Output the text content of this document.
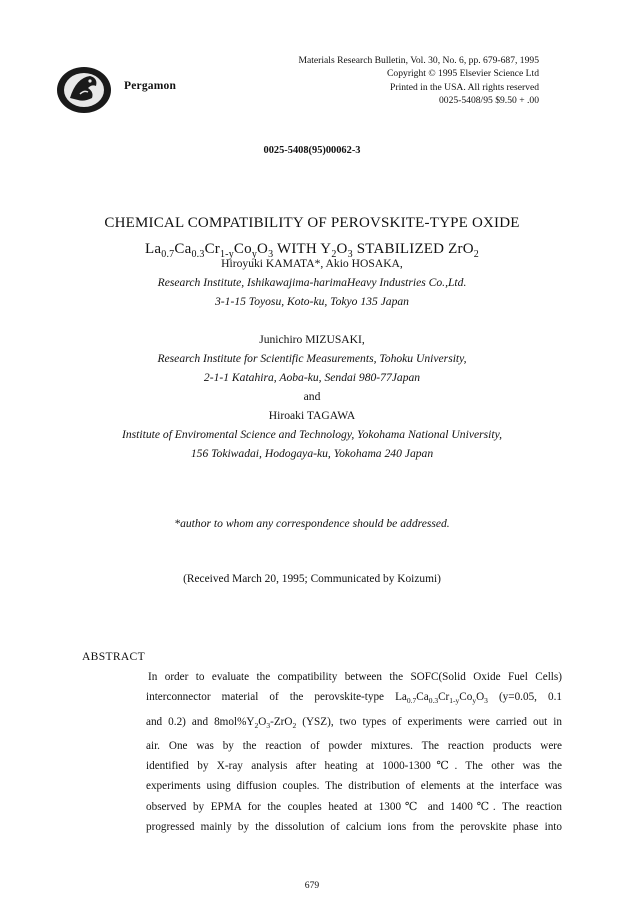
Pergamon
Materials Research Bulletin, Vol. 30, No. 6, pp. 679-687, 1995
Copyright © 1995 Elsevier Science Ltd
Printed in the USA. All rights reserved
0025-5408/95 $9.50 + .00
0025-5408(95)00062-3
CHEMICAL COMPATIBILITY OF PEROVSKITE-TYPE OXIDE
$La_{0.7}Ca_{0.3}Cr_{1-y}Co_yO_3$ WITH $Y_2O_3$ STABILIZED ZrO$_2$
Hiroyuki KAMATA*, Akio HOSAKA,
Research Institute, Ishikawajima-harimaHeavy Industries Co.,Ltd.
3-1-15 Toyosu, Koto-ku, Tokyo 135 Japan
Junichiro MIZUSAKI,
Research Institute for Scientific Measurements, Tohoku University,
2-1-1 Katahira, Aoba-ku, Sendai 980-77Japan
and
Hiroaki TAGAWA
Institute of Enviromental Science and Technology, Yokohama National University,
156 Tokiwadai, Hodogaya-ku, Yokohama 240 Japan
*author to whom any correspondence should be addressed.
(Received March 20, 1995; Communicated by Koizumi)
ABSTRACT
In order to evaluate the compatibility between the SOFC(Solid Oxide Fuel Cells)
interconnector material of the perovskite-type $La_{0.7}Ca_{0.3}Cr_{1-y}Co_yO_3$ (y=0.05, 0.1
and 0.2) and $8mol\%Y_2O_3-ZrO_2$ (YSZ), two types of experiments were carried out in
air. One was by the reaction of powder mixtures. The reaction products were
identified by X-ray analysis after heating at 1000-1300℃. The other was the
experiments using diffusion couples. The distribution of elements at the interface was
observed by EPMA for the couples heated at 1300℃ and 1400℃. The reaction
progressed mainly by the dissolution of calcium ions from the perovskite phase into
679
